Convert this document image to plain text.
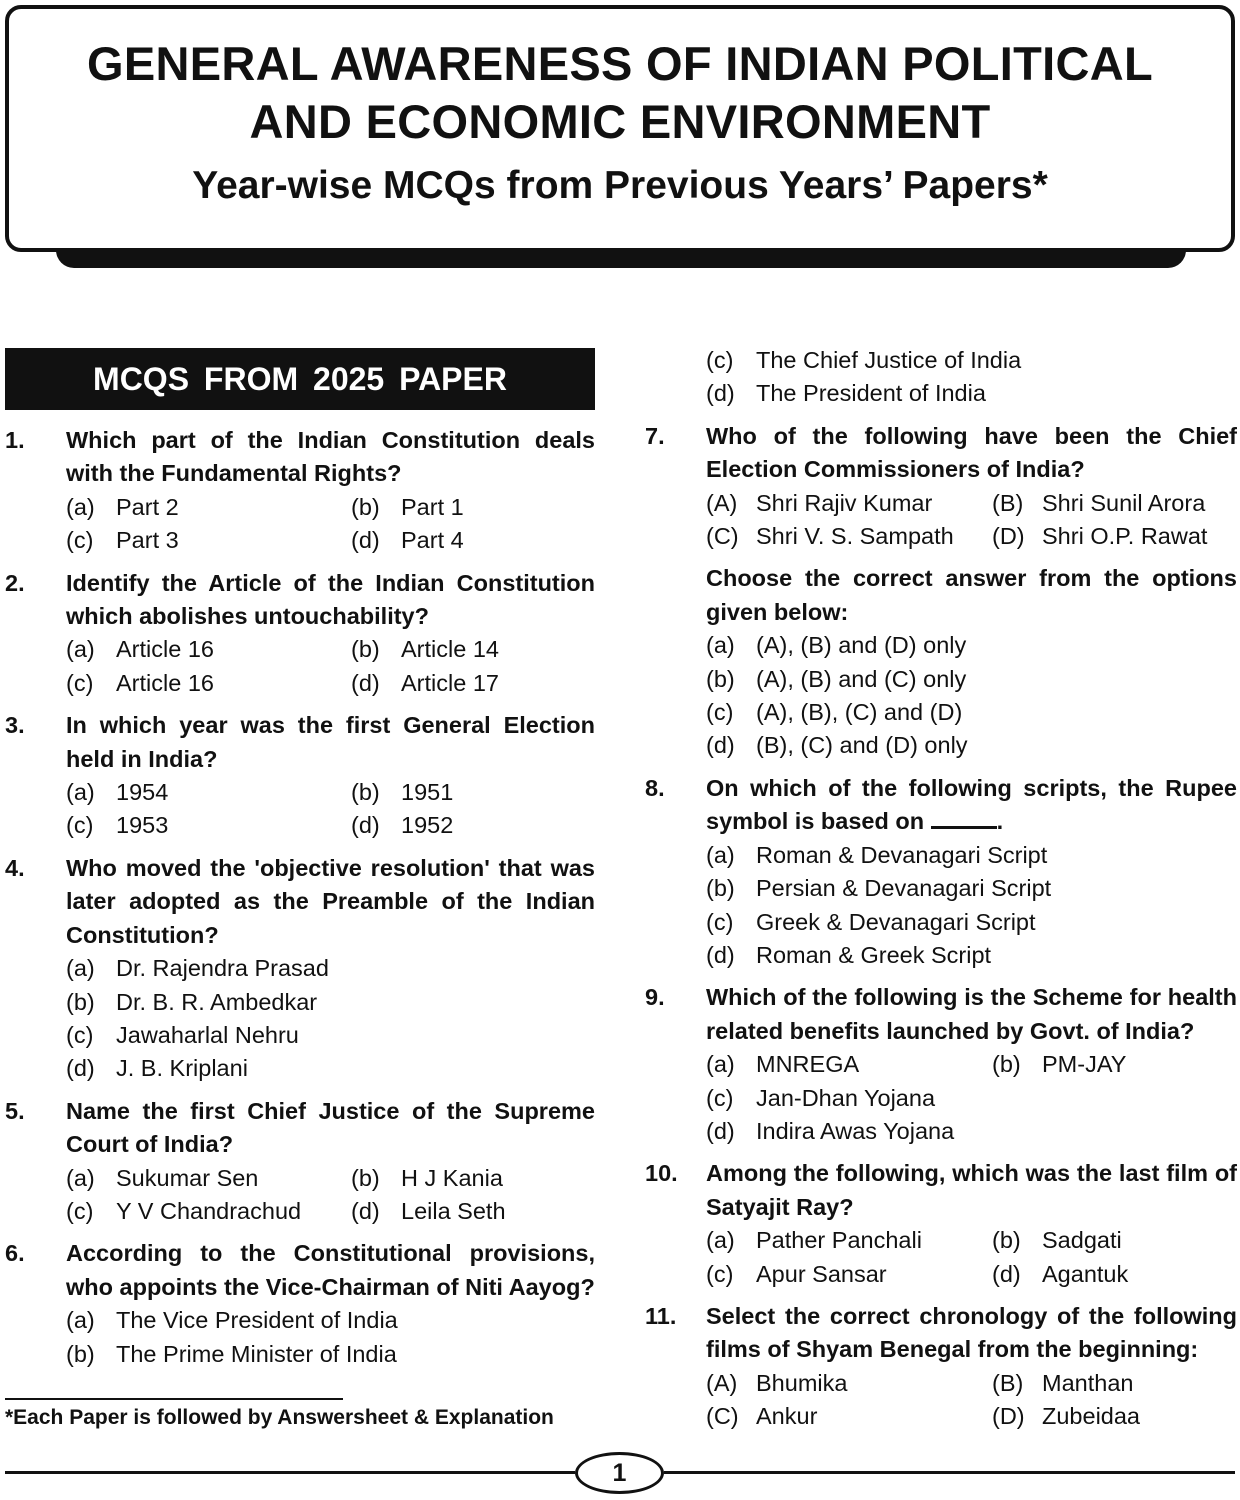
GENERAL AWARENESS OF INDIAN POLITICAL
AND ECONOMIC ENVIRONMENT
Year-wise MCQs from Previous Years’ Papers*
MCQS FROM 2025 PAPER
1.	Which part of the Indian Constitution deals with the Fundamental Rights?
(a) Part 2	(b) Part 1
(c) Part 3	(d) Part 4
2.	Identify the Article of the Indian Constitution which abolishes untouchability?
(a) Article 16	(b) Article 14
(c) Article 16	(d) Article 17
3.	In which year was the first General Election held in India?
(a) 1954	(b) 1951
(c) 1953	(d) 1952
4.	Who moved the 'objective resolution' that was later adopted as the Preamble of the Indian Constitution?
(a) Dr. Rajendra Prasad
(b) Dr. B. R. Ambedkar
(c) Jawaharlal Nehru
(d) J. B. Kriplani
5.	Name the first Chief Justice of the Supreme Court of India?
(a) Sukumar Sen	(b) H J Kania
(c) Y V Chandrachud (d) Leila Seth
6.	According to the Constitutional provisions, who appoints the Vice-Chairman of Niti Aayog?
(a) The Vice President of India
(b) The Prime Minister of India
(c) The Chief Justice of India
(d) The President of India
7.	Who of the following have been the Chief Election Commissioners of India?
(A) Shri Rajiv Kumar	(B) Shri Sunil Arora
(C) Shri V. S. Sampath (D) Shri O.P. Rawat
Choose the correct answer from the options given below:
(a) (A), (B) and (D) only
(b) (A), (B) and (C) only
(c) (A), (B), (C) and (D)
(d) (B), (C) and (D) only
8.	On which of the following scripts, the Rupee symbol is based on	.
(a) Roman & Devanagari Script
(b) Persian & Devanagari Script
(c) Greek & Devanagari Script
(d) Roman & Greek Script
9.	Which of the following is the Scheme for health related benefits launched by Govt. of India?
(a) MNREGA	(b) PM-JAY
(c) Jan-Dhan Yojana
(d) Indira Awas Yojana
10.	Among the following, which was the last film of Satyajit Ray?
(a) Pather Panchali	(b) Sadgati
(c) Apur Sansar	(d) Agantuk
11.	Select the correct chronology of the following films of Shyam Benegal from the beginning:
(A) Bhumika	(B) Manthan
(C) Ankur	(D) Zubeidaa
*Each Paper is followed by Answersheet & Explanation
1
